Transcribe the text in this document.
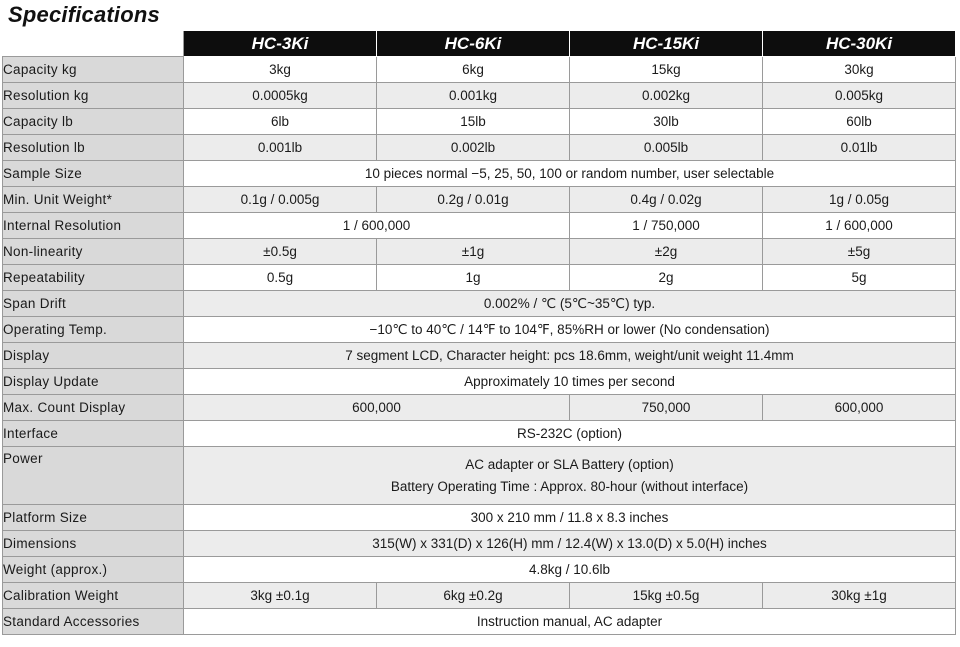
Specifications
	HC-3Ki	HC-6Ki	HC-15Ki	HC-30Ki
Capacity kg	3kg	6kg	15kg	30kg
Resolution kg	0.0005kg	0.001kg	0.002kg	0.005kg
Capacity lb	6lb	15lb	30lb	60lb
Resolution lb	0.001lb	0.002lb	0.005lb	0.01lb
Sample Size	10 pieces normal −5, 25, 50, 100 or random number, user selectable			
Min. Unit Weight*	0.1g / 0.005g	0.2g / 0.01g	0.4g / 0.02g	1g / 0.05g
Internal Resolution	1 / 600,000		1 / 750,000	1 / 600,000
Non-linearity	±0.5g	±1g	±2g	±5g
Repeatability	0.5g	1g	2g	5g
Span Drift	0.002% / ℃ (5℃~35℃) typ.			
Operating Temp.	−10℃ to 40℃ / 14℉ to 104℉, 85%RH or lower (No condensation)			
Display	7 segment LCD, Character height: pcs 18.6mm, weight/unit weight 11.4mm			
Display Update	Approximately 10 times per second			
Max. Count Display	600,000		750,000	600,000
Interface	RS-232C (option)			
Power	AC adapter or SLA Battery (option)
Battery Operating Time : Approx. 80-hour (without interface)			

Platform Size	300 x 210 mm / 11.8 x 8.3 inches			
Dimensions	315(W) x 331(D) x 126(H) mm / 12.4(W) x 13.0(D) x 5.0(H) inches			
Weight (approx.)	4.8kg / 10.6lb			
Calibration Weight	3kg ±0.1g	6kg ±0.2g	15kg ±0.5g	30kg ±1g
Standard Accessories	Instruction manual, AC adapter			
